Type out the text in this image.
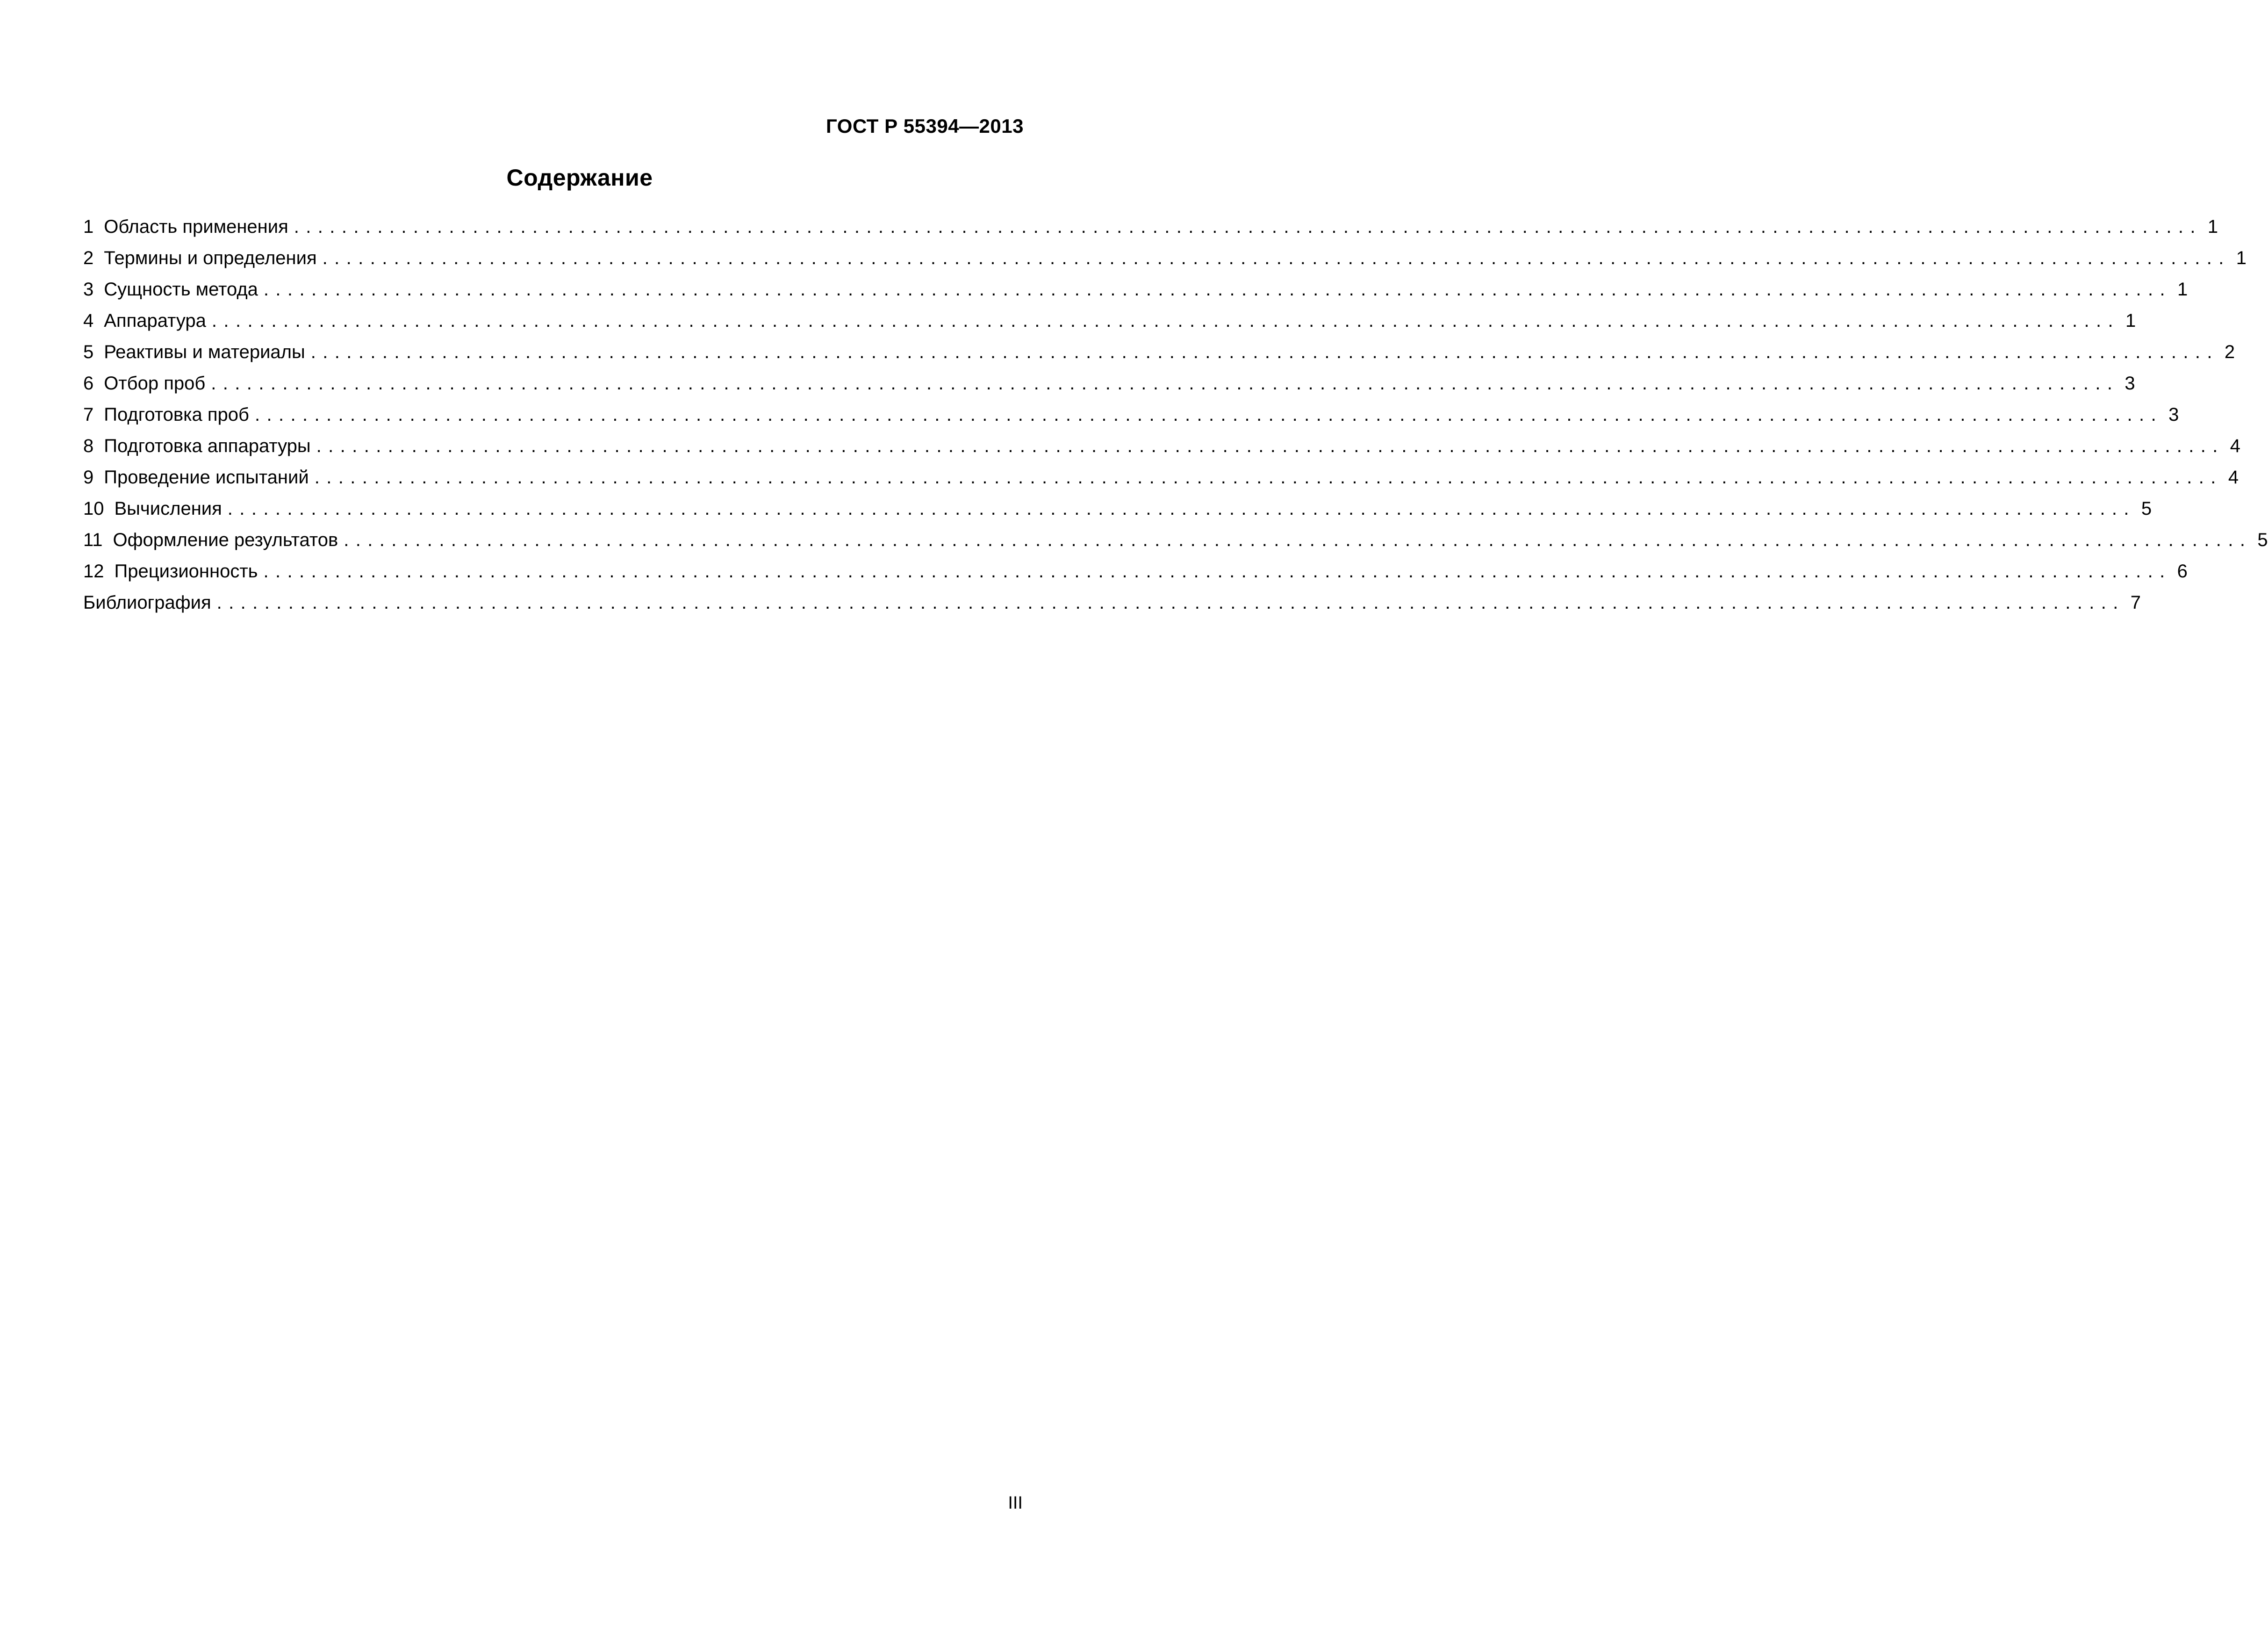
ГОСТ Р 55394—2013
Содержание
1 Область применения ................................................................................................................................................................ 1
2 Термины и определения ................................................................................................................................................................ 1
3 Сущность метода ................................................................................................................................................................ 1
4 Аппаратура ................................................................................................................................................................ 1
5 Реактивы и материалы ................................................................................................................................................................ 2
6 Отбор проб ................................................................................................................................................................ 3
7 Подготовка проб ................................................................................................................................................................ 3
8 Подготовка аппаратуры ................................................................................................................................................................ 4
9 Проведение испытаний ................................................................................................................................................................ 4
10 Вычисления ................................................................................................................................................................ 5
11 Оформление результатов ................................................................................................................................................................ 5
12 Прецизионность ................................................................................................................................................................ 6
Библиография ................................................................................................................................................................ 7
III
